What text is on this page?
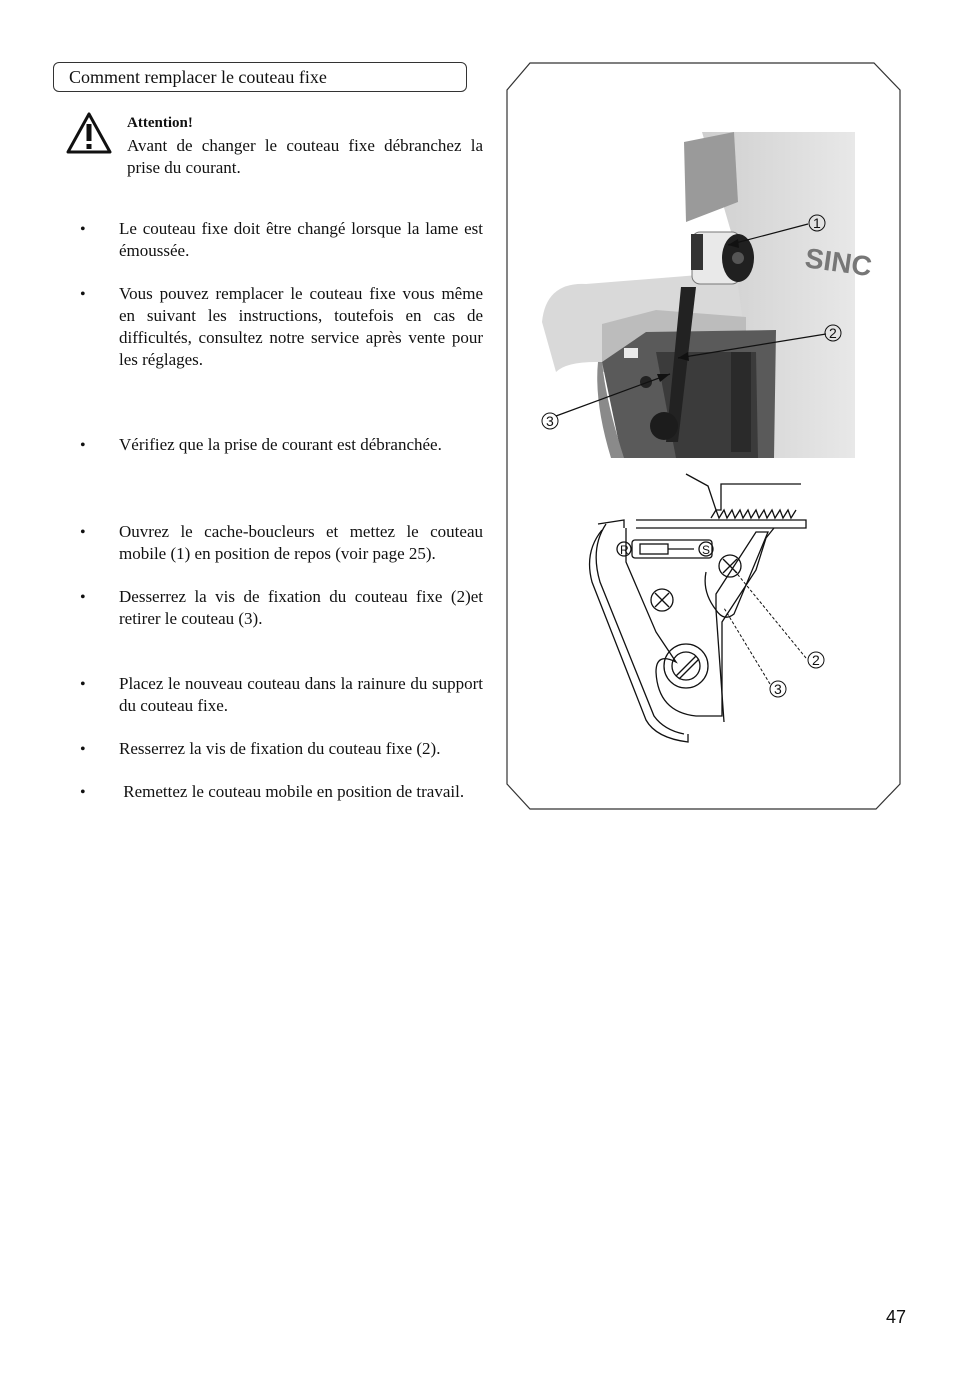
Comment remplacer le couteau fixe
Attention!
Avant de changer le couteau fixe débranchez la prise du courant.
• Le couteau fixe doit être changé lorsque la lame est émoussée.
• Vous pouvez remplacer le couteau fixe vous même en suivant les instructions, toutefois en cas de difficultés, consultez notre service après vente pour les réglages.
• Vérifiez que la prise de courant est débranchée.
• Ouvrez le cache-boucleurs et mettez le couteau mobile (1) en position de repos (voir page 25).
• Desserrez la vis de fixation du couteau fixe (2)et retirer le couteau (3).
• Placez le nouveau couteau dans la rainure du support du couteau fixe.
• Resserrez la vis de fixation du couteau fixe (2).
• Remettez le couteau mobile en position de travail.
SINC
1
2
3
R	S
2
3
47
